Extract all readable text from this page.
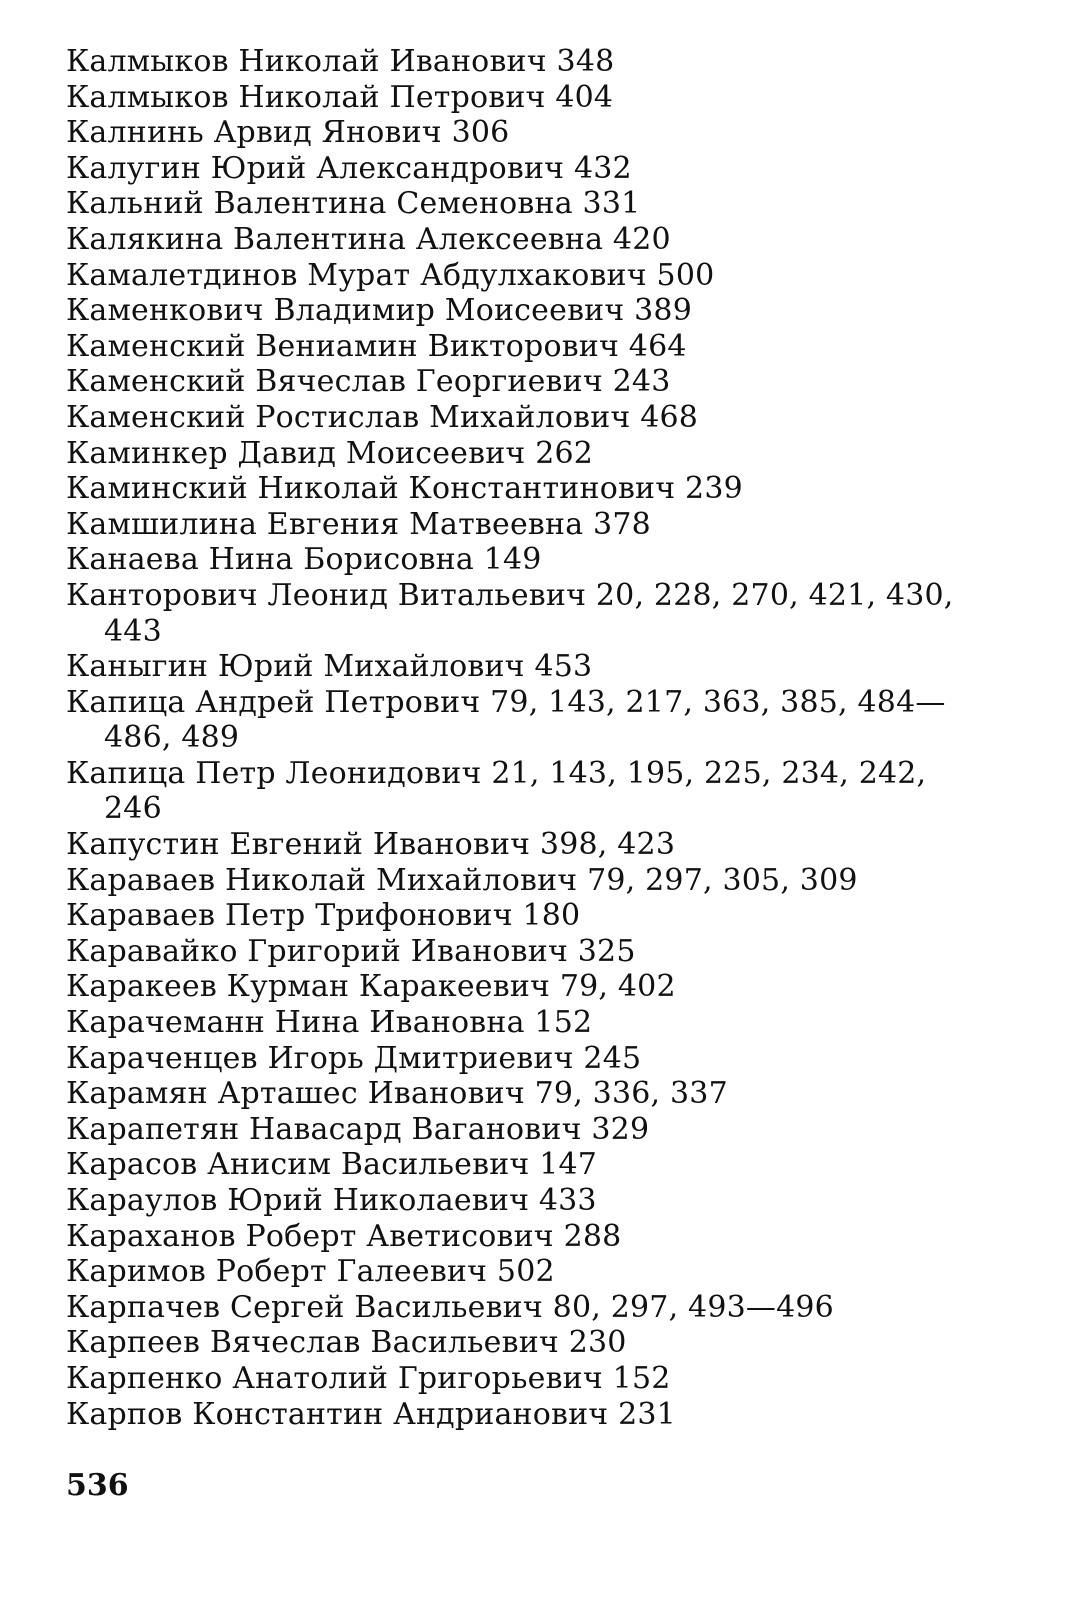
Калмыков Николай Иванович 348
Калмыков Николай Петрович 404
Калнинь Арвид Янович 306
Калугин Юрий Александрович 432
Кальний Валентина Семеновна 331
Калякина Валентина Алексеевна 420
Камалетдинов Мурат Абдулхакович 500
Каменкович Владимир Моисеевич 389
Каменский Вениамин Викторович 464
Каменский Вячеслав Георгиевич 243
Каменский Ростислав Михайлович 468
Каминкер Давид Моисеевич 262
Каминский Николай Константинович 239
Камшилина Евгения Матвеевна 378
Канаева Нина Борисовна 149
Канторович Леонид Витальевич 20, 228, 270, 421, 430,
443
Каныгин Юрий Михайлович 453
Капица Андрей Петрович 79, 143, 217, 363, 385, 484—
486, 489
Капица Петр Леонидович 21, 143, 195, 225, 234, 242,
246
Капустин Евгений Иванович 398, 423
Караваев Николай Михайлович 79, 297, 305, 309
Караваев Петр Трифонович 180
Каравайко Григорий Иванович 325
Каракеев Курман Каракеевич 79, 402
Карачеманн Нина Ивановна 152
Караченцев Игорь Дмитриевич 245
Карамян Арташес Иванович 79, 336, 337
Карапетян Навасард Ваганович 329
Карасов Анисим Васильевич 147
Караулов Юрий Николаевич 433
Караханов Роберт Аветисович 288
Каримов Роберт Галеевич 502
Карпачев Сергей Васильевич 80, 297, 493—496
Карпеев Вячеслав Васильевич 230
Карпенко Анатолий Григорьевич 152
Карпов Константин Андрианович 231
536
